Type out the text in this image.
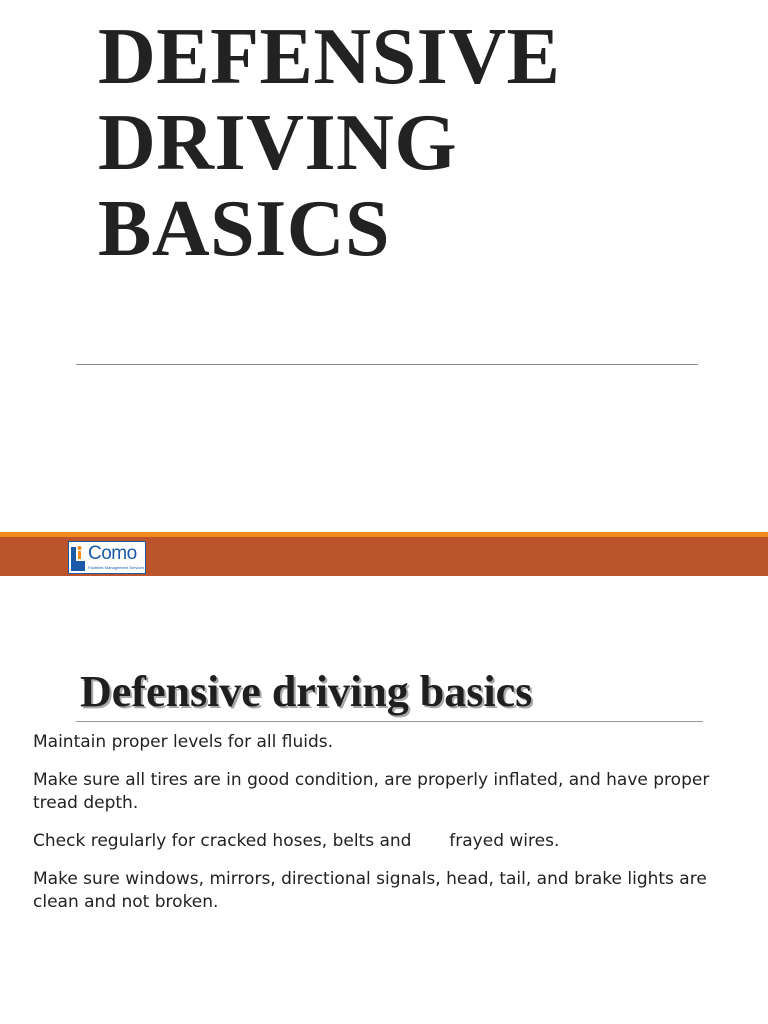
DEFENSIVE
DRIVING
BASICS
Como
Facilities Management Services
Defensive driving basics
Maintain proper levels for all fluids.
Make sure all tires are in good condition, are properly inflated, and have proper tread depth.
Check regularly for cracked hoses, belts and       frayed wires.
Make sure windows, mirrors, directional signals, head, tail, and brake lights are clean and not broken.
